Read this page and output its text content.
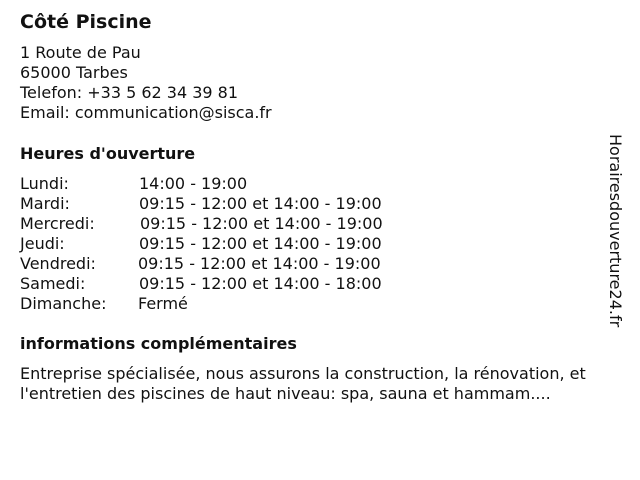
Côté Piscine
1 Route de Pau
65000 Tarbes
Telefon: +33 5 62 34 39 81
Email: communication@sisca.fr
Heures d'ouverture
Lundi:	14:00 - 19:00
Mardi:	09:15 - 12:00 et 14:00 - 19:00
Mercredi:	09:15 - 12:00 et 14:00 - 19:00
Jeudi:	09:15 - 12:00 et 14:00 - 19:00
Vendredi:	09:15 - 12:00 et 14:00 - 19:00
Samedi:	09:15 - 12:00 et 14:00 - 18:00
Dimanche: Fermé
informations complémentaires
Entreprise spécialisée, nous assurons la construction, la rénovation, et l'entretien des piscines de haut niveau: spa, sauna et hammam....
Horairesdouverture24.fr
